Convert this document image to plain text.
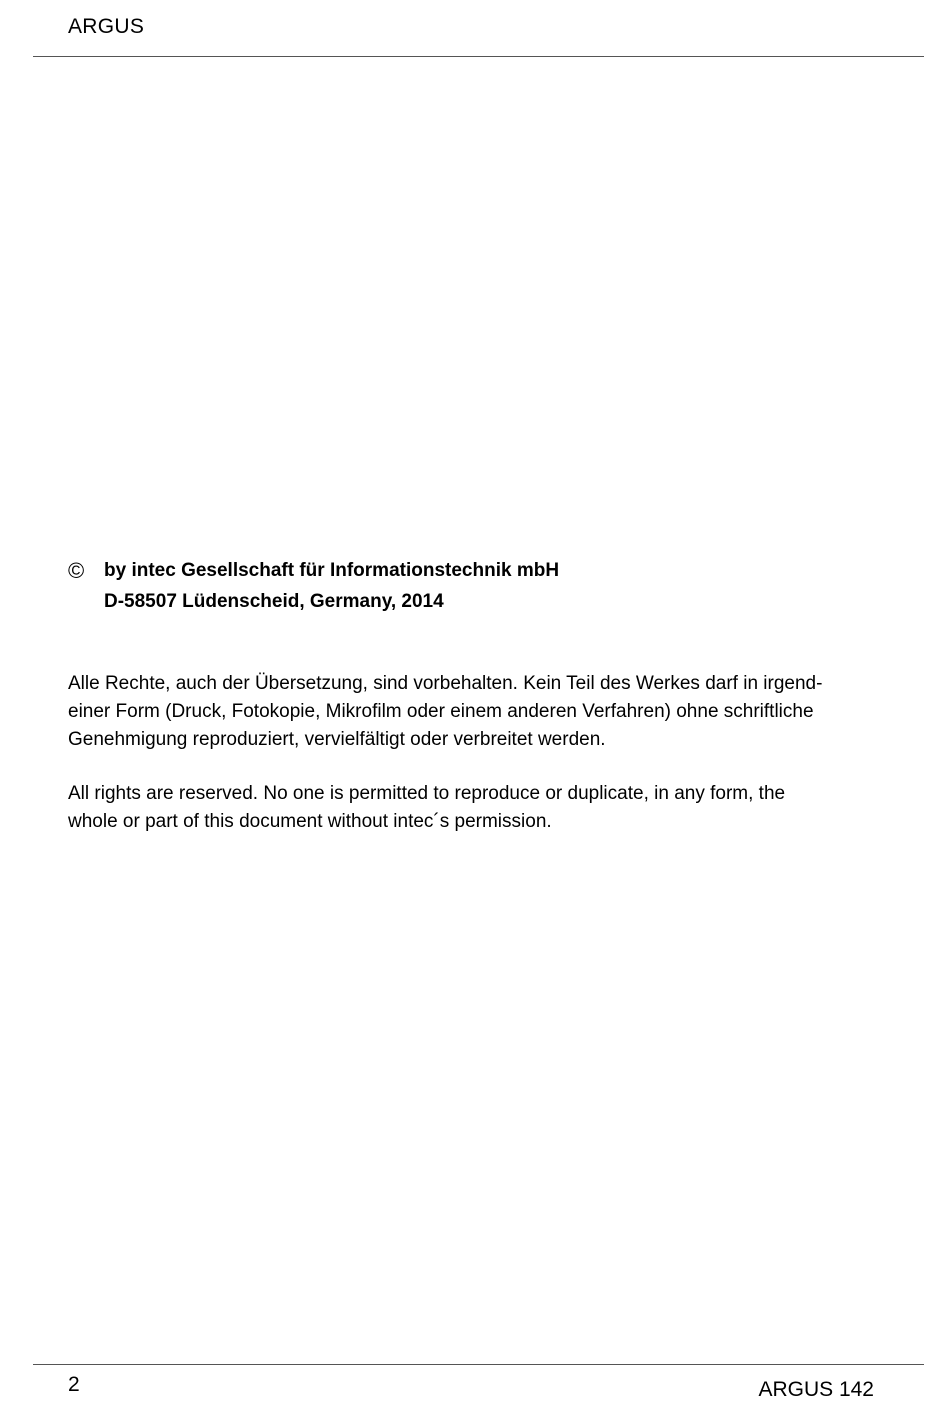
ARGUS
© by intec Gesellschaft für Informationstechnik mbH
D-58507 Lüdenscheid, Germany, 2014
Alle Rechte, auch der Übersetzung, sind vorbehalten. Kein Teil des Werkes darf in irgend-
einer Form (Druck, Fotokopie, Mikrofilm oder einem anderen Verfahren) ohne schriftliche
Genehmigung reproduziert, vervielfältigt oder verbreitet werden.
All rights are reserved. No one is permitted to reproduce or duplicate, in any form, the
whole or part of this document without intec´s permission.
2	ARGUS 142
